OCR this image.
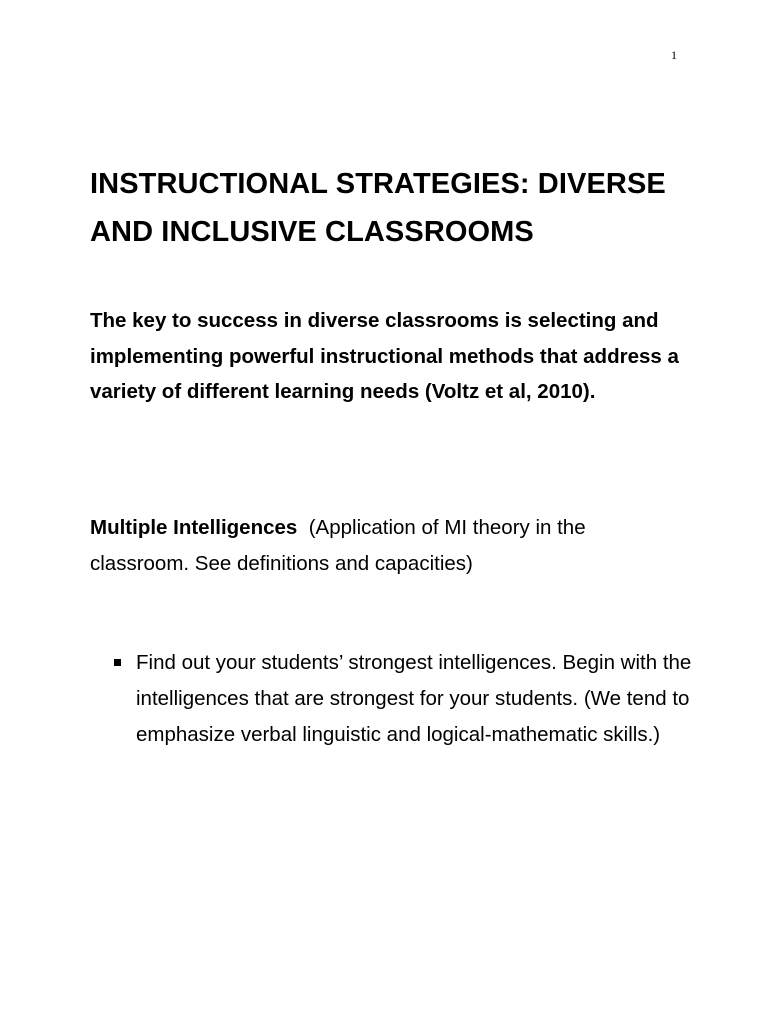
1
INSTRUCTIONAL STRATEGIES: DIVERSE AND INCLUSIVE CLASSROOMS
The key to success in diverse classrooms is selecting and implementing powerful instructional methods that address a variety of different learning needs (Voltz et al, 2010).
Multiple Intelligences (Application of MI theory in the classroom. See definitions and capacities)
Find out your students’ strongest intelligences. Begin with the intelligences that are strongest for your students. (We tend to emphasize verbal linguistic and logical-mathematic skills.)
